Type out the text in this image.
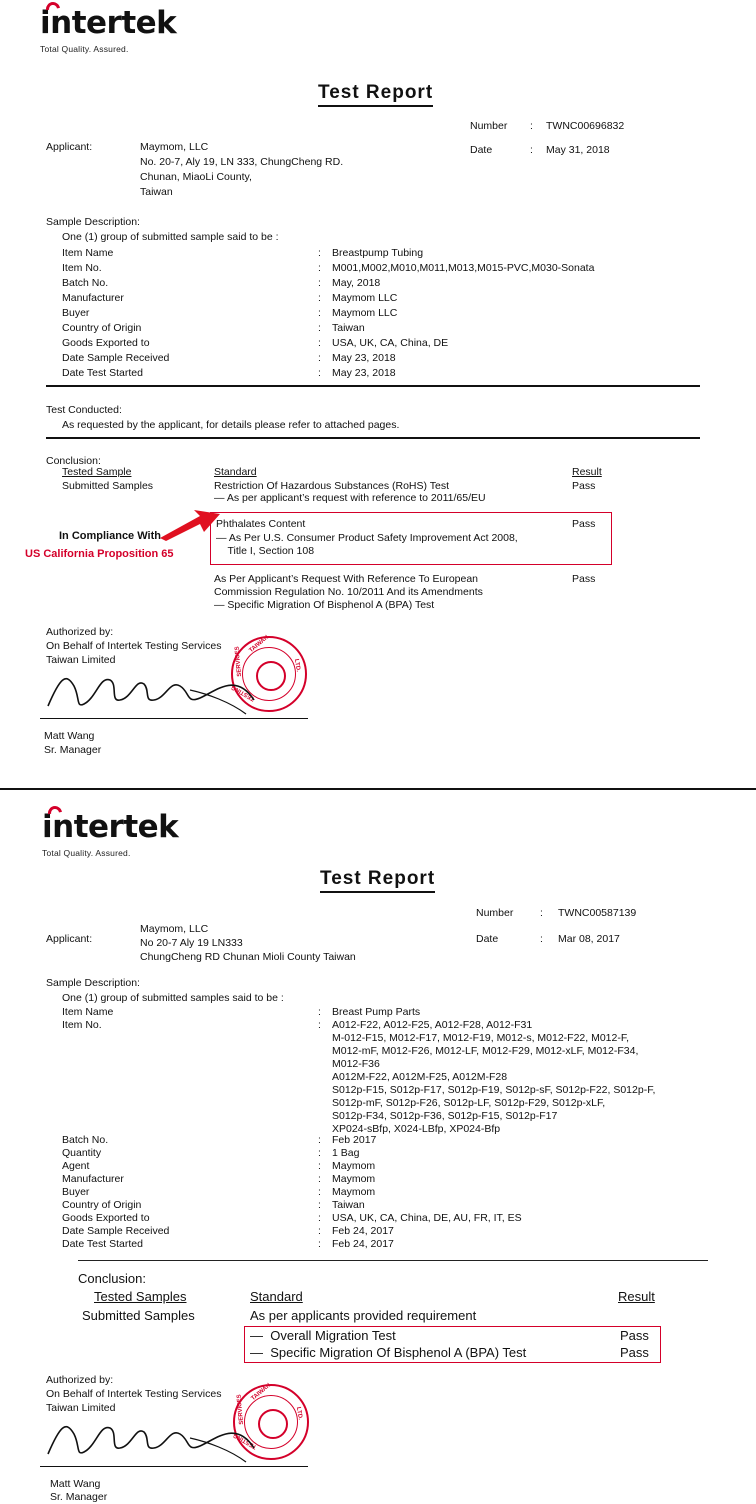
intertek
Total Quality. Assured.
Test Report
Number : TWNC00696832
Date	: May 31, 2018
Applicant:	Maymom, LLC
No. 20-7, Aly 19, LN 333, ChungCheng RD.
Chunan, MiaoLi County,
Taiwan
Sample Description:
One (1) group of submitted sample said to be :
Item Name	: Breastpump Tubing
Item No.	: M001,M002,M010,M011,M013,M015-PVC,M030-Sonata
Batch No.	: May, 2018
Manufacturer	: Maymom LLC
Buyer	: Maymom LLC
Country of Origin	: Taiwan
Goods Exported to	: USA, UK, CA, China, DE
Date Sample Received	: May 23, 2018
Date Test Started	: May 23, 2018
Test Conducted:
As requested by the applicant, for details please refer to attached pages.
Conclusion:
Tested Sample	Standard	Result
Submitted Samples	Restriction Of Hazardous Substances (RoHS) Test
— As per applicant’s request with reference to 2011/65/EU
Pass
Phthalates Content
— As Per U.S. Consumer Product Safety Improvement Act 2008,
Title I, Section 108
Pass
As Per Applicant’s Request With Reference To European
Commission Regulation No. 10/2011 And its Amendments
— Specific Migration Of Bisphenol A (BPA) Test
Pass
In Compliance With
US California Proposition 65
Authorized by:
On Behalf of Intertek Testing Services
Taiwan Limited
TESTING
SERVICES
TAIWAN
LTD.
Matt Wang
Sr. Manager
intertek
Total Quality. Assured.
Test Report
Number	: TWNC00587139
Date	: Mar 08, 2017
Applicant:
Maymom, LLC
No 20-7 Aly 19 LN333
ChungCheng RD Chunan Mioli County Taiwan
Sample Description:
One (1) group of submitted samples said to be :
Item Name	: Breast Pump Parts
Item No.	: A012-F22, A012-F25, A012-F28, A012-F31
M-012-F15, M012-F17, M012-F19, M012-s, M012-F22, M012-F,
M012-mF, M012-F26, M012-LF, M012-F29, M012-xLF, M012-F34,
M012-F36
A012M-F22, A012M-F25, A012M-F28
S012p-F15, S012p-F17, S012p-F19, S012p-sF, S012p-F22, S012p-F,
S012p-mF, S012p-F26, S012p-LF, S012p-F29, S012p-xLF,
S012p-F34, S012p-F36, S012p-F15, S012p-F17
XP024-sBfp, X024-LBfp, XP024-Bfp
Batch No.	: Feb 2017
Quantity	: 1 Bag
Agent	: Maymom
Manufacturer	: Maymom
Buyer	: Maymom
Country of Origin	: Taiwan
Goods Exported to	: USA, UK, CA, China, DE, AU, FR, IT, ES
Date Sample Received	: Feb 24, 2017
Date Test Started	: Feb 24, 2017
Conclusion:
Tested Samples	Standard	Result
Submitted Samples	As per applicants provided requirement
—  Overall Migration Test	Pass
—  Specific Migration Of Bisphenol A (BPA) Test	Pass
Authorized by:
On Behalf of Intertek Testing Services
Taiwan Limited
TESTING
SERVICES
TAIWAN
LTD.
Matt Wang
Sr. Manager
